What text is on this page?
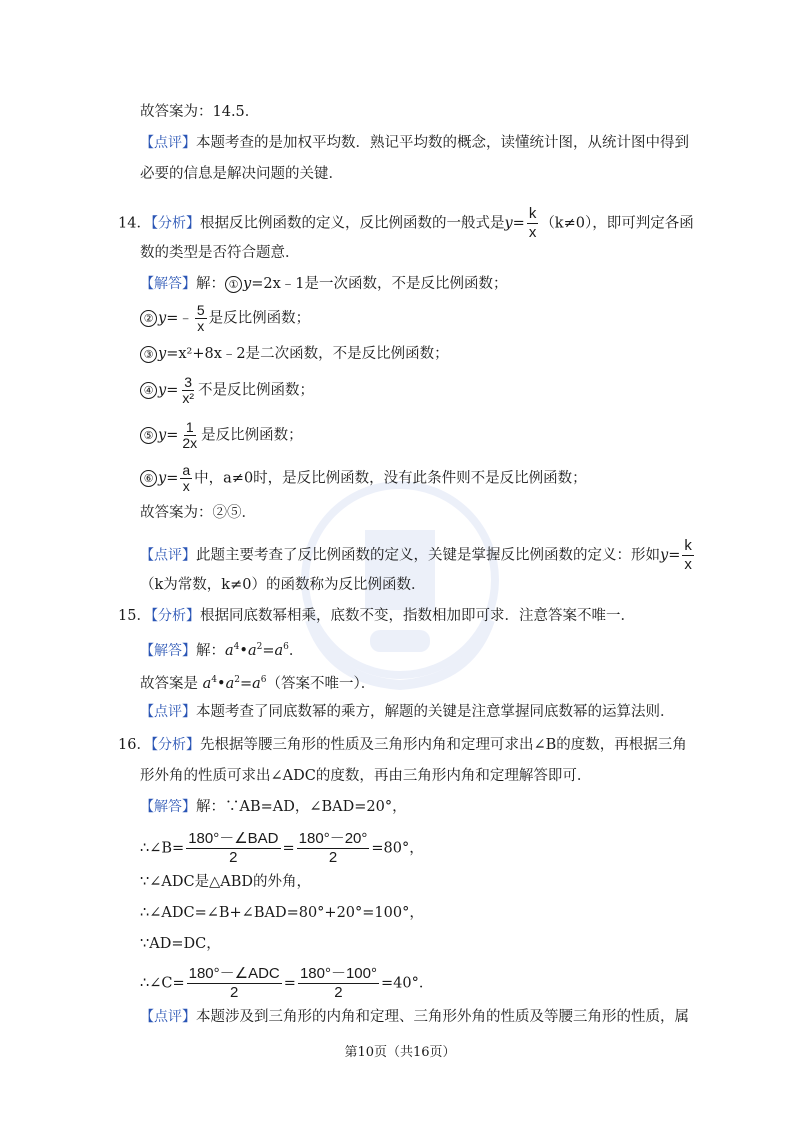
故答案为：14.5．
【点评】本题考查的是加权平均数．熟记平均数的概念，读懂统计图，从统计图中得到
必要的信息是解决问题的关键．
14．【分析】根据反比例函数的定义，反比例函数的一般式是$y= \frac{k}{x} (k\ne 0)$，即可判定各函
数的类型是否符合题意．
【解答】解： ① y=2x﹣1是一次函数，不是反比例函数；
② y=﹣ $\frac{5}{x}$ 是反比例函数；
③ y=x²+8x﹣2是二次函数，不是反比例函数；
④ $y= \frac{3}{\text{x²}}$ 不是反比例函数；
⑤ $y= \frac{1}{2x}$ 是反比例函数；
⑥ $y= \frac{a}{x}$ 中，a≠0时，是反比例函数，没有此条件则不是反比例函数；
故答案为：②⑤．
【点评】此题主要考查了反比例函数的定义，关键是掌握反比例函数的定义：形如$y= \frac{k}{x}$
（k为常数，k≠0）的函数称为反比例函数．
15．【分析】根据同底数幂相乘，底数不变，指数相加即可求．注意答案不唯一．
【解答】解：$a^4•a^2=a^6$．
故答案是 $a^4•a^2=a^6$（答案不唯一）．
【点评】本题考查了同底数幂的乘方，解题的关键是注意掌握同底数幂的运算法则．
16．【分析】先根据等腰三角形的性质及三角形内角和定理可求出∠B的度数，再根据三角
形外角的性质可求出∠ADC的度数，再由三角形内角和定理解答即可．
【解答】解：∵AB=AD，∠BAD=20°，
∴∠B= $\frac{\text{180°－∠BAD}}{2} = \frac{180^\circ-20^\circ}{2} =80^\circ$，
∵∠ADC是△ABD的外角，
∴∠ADC=∠B+∠BAD=80°+20°=100°，
∵AD=DC，
∴∠C= $\frac{\text{180°－∠ADC}}{2} = \frac{180^\circ-100^\circ}{2} =40^\circ$．
【点评】本题涉及到三角形的内角和定理、三角形外角的性质及等腰三角形的性质，属
第10页（共16页）
